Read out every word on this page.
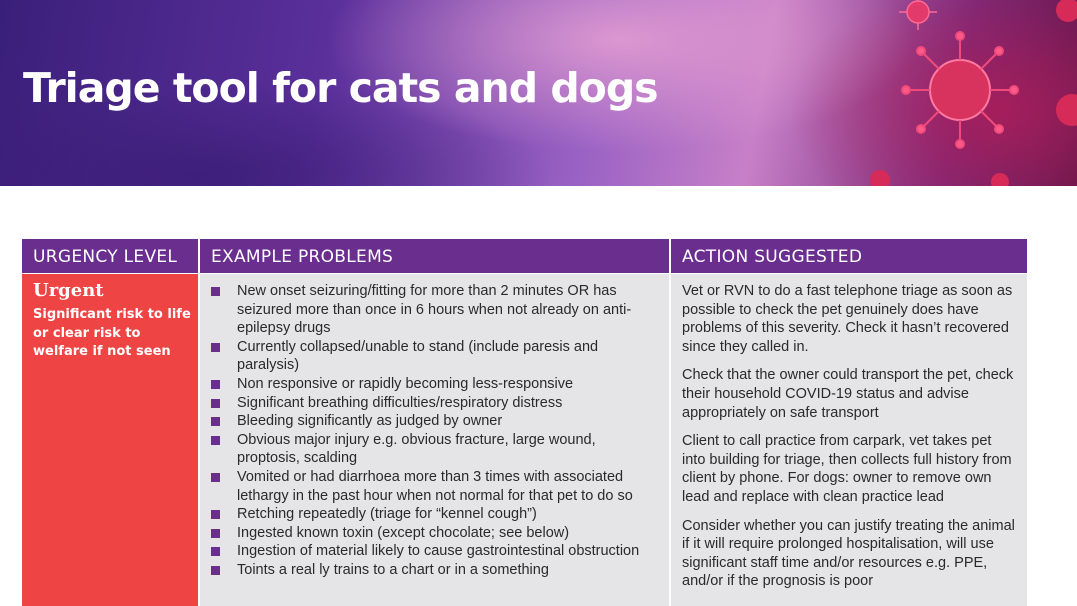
Triage tool for cats and dogs
URGENCY LEVEL
Urgent
Significant risk to life or clear risk to welfare if not seen
EXAMPLE PROBLEMS
New onset seizuring/fitting for more than 2 minutes OR has seizured more than once in 6 hours when not already on anti-epilepsy drugs
Currently collapsed/unable to stand (include paresis and paralysis)
Non responsive or rapidly becoming less-responsive
Significant breathing difficulties/respiratory distress
Bleeding significantly as judged by owner
Obvious major injury e.g. obvious fracture, large wound, proptosis, scalding
Vomited or had diarrhoea more than 3 times with associated lethargy in the past hour when not normal for that pet to do so
Retching repeatedly (triage for “kennel cough”)
Ingested known toxin (except chocolate; see below)
Ingestion of material likely to cause gastrointestinal obstruction
Toints a real ly trains to a chart or in a something
ACTION SUGGESTED

Vet or RVN to do a fast telephone triage as soon as possible to check the pet genuinely does have problems of this severity. Check it hasn’t recovered since they called in.

Check that the owner could transport the pet, check their household COVID-19 status and advise appropriately on safe transport

Client to call practice from carpark, vet takes pet into building for triage, then collects full history from client by phone. For dogs: owner to remove own lead and replace with clean practice lead

Consider whether you can justify treating the animal if it will require prolonged hospitalisation, will use significant staff time and/or resources e.g. PPE, and/or if the prognosis is poor
